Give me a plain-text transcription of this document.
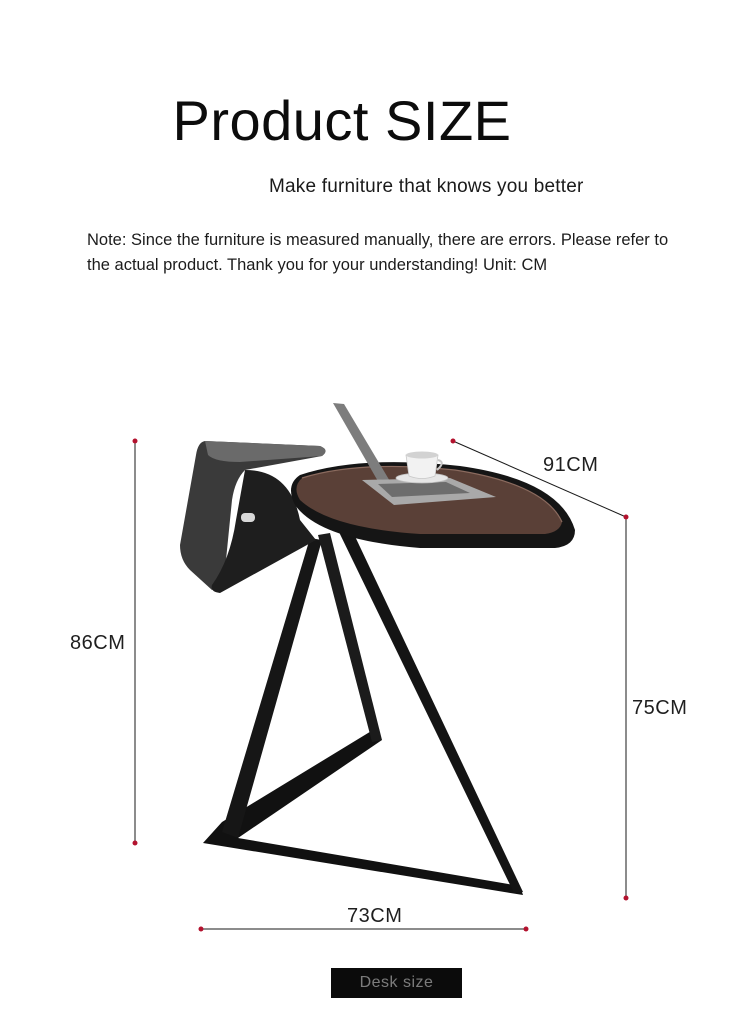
Product SIZE
Make furniture that knows you better
Note: Since the furniture is measured manually, there are errors. Please refer to the actual product. Thank you for your understanding! Unit: CM
86CM
91CM
75CM
73CM
Desk size
